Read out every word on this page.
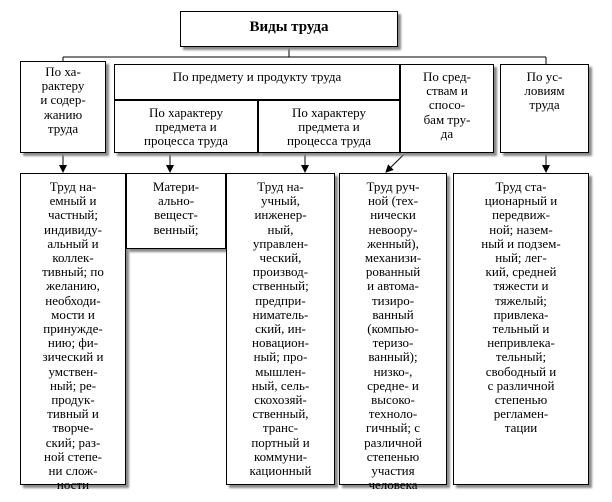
Виды труда
По ха-
рактеру
и содер-
жанию
труда
По предмету и продукту труда
По характеру
предмета и
процесса труда
По характеру
предмета и
процесса труда
По сред-
ствам и
спосо-
бам тру-
да
По ус-
ловиям
труда
Труд на-
емный и
частный;
индивиду-
альный и
коллек-
тивный; по
желанию,
необходи-
мости и
принужде-
нию; фи-
зический и
умствен-
ный; ре-
продук-
тивный и
творче-
ский; раз-
ной степе-
ни слож-
ности
Матери-
ально-
вещест-
венный;
Труд на-
учный,
инженер-
ный,
управлен-
ческий,
производ-
ственный;
предпри-
ниматель-
ский, ин-
новацион-
ный; про-
мышлен-
ный, сель-
скохозяй-
ственный,
транс-
портный и
коммуни-
кационный
Труд руч-
ной (тех-
нически
невоору-
женный),
механизи-
рованный
и автома-
тизиро-
ванный
(компью-
теризо-
ванный);
низко-,
средне- и
высоко-
техноло-
гичный; с
различной
степенью
участия
человека
Труд ста-
ционарный и
передвиж-
ной; назем-
ный и подзем-
ный; лег-
кий, средней
тяжести и
тяжелый;
привлека-
тельный и
непривлека-
тельный;
свободный и
с различной
степенью
регламен-
тации
